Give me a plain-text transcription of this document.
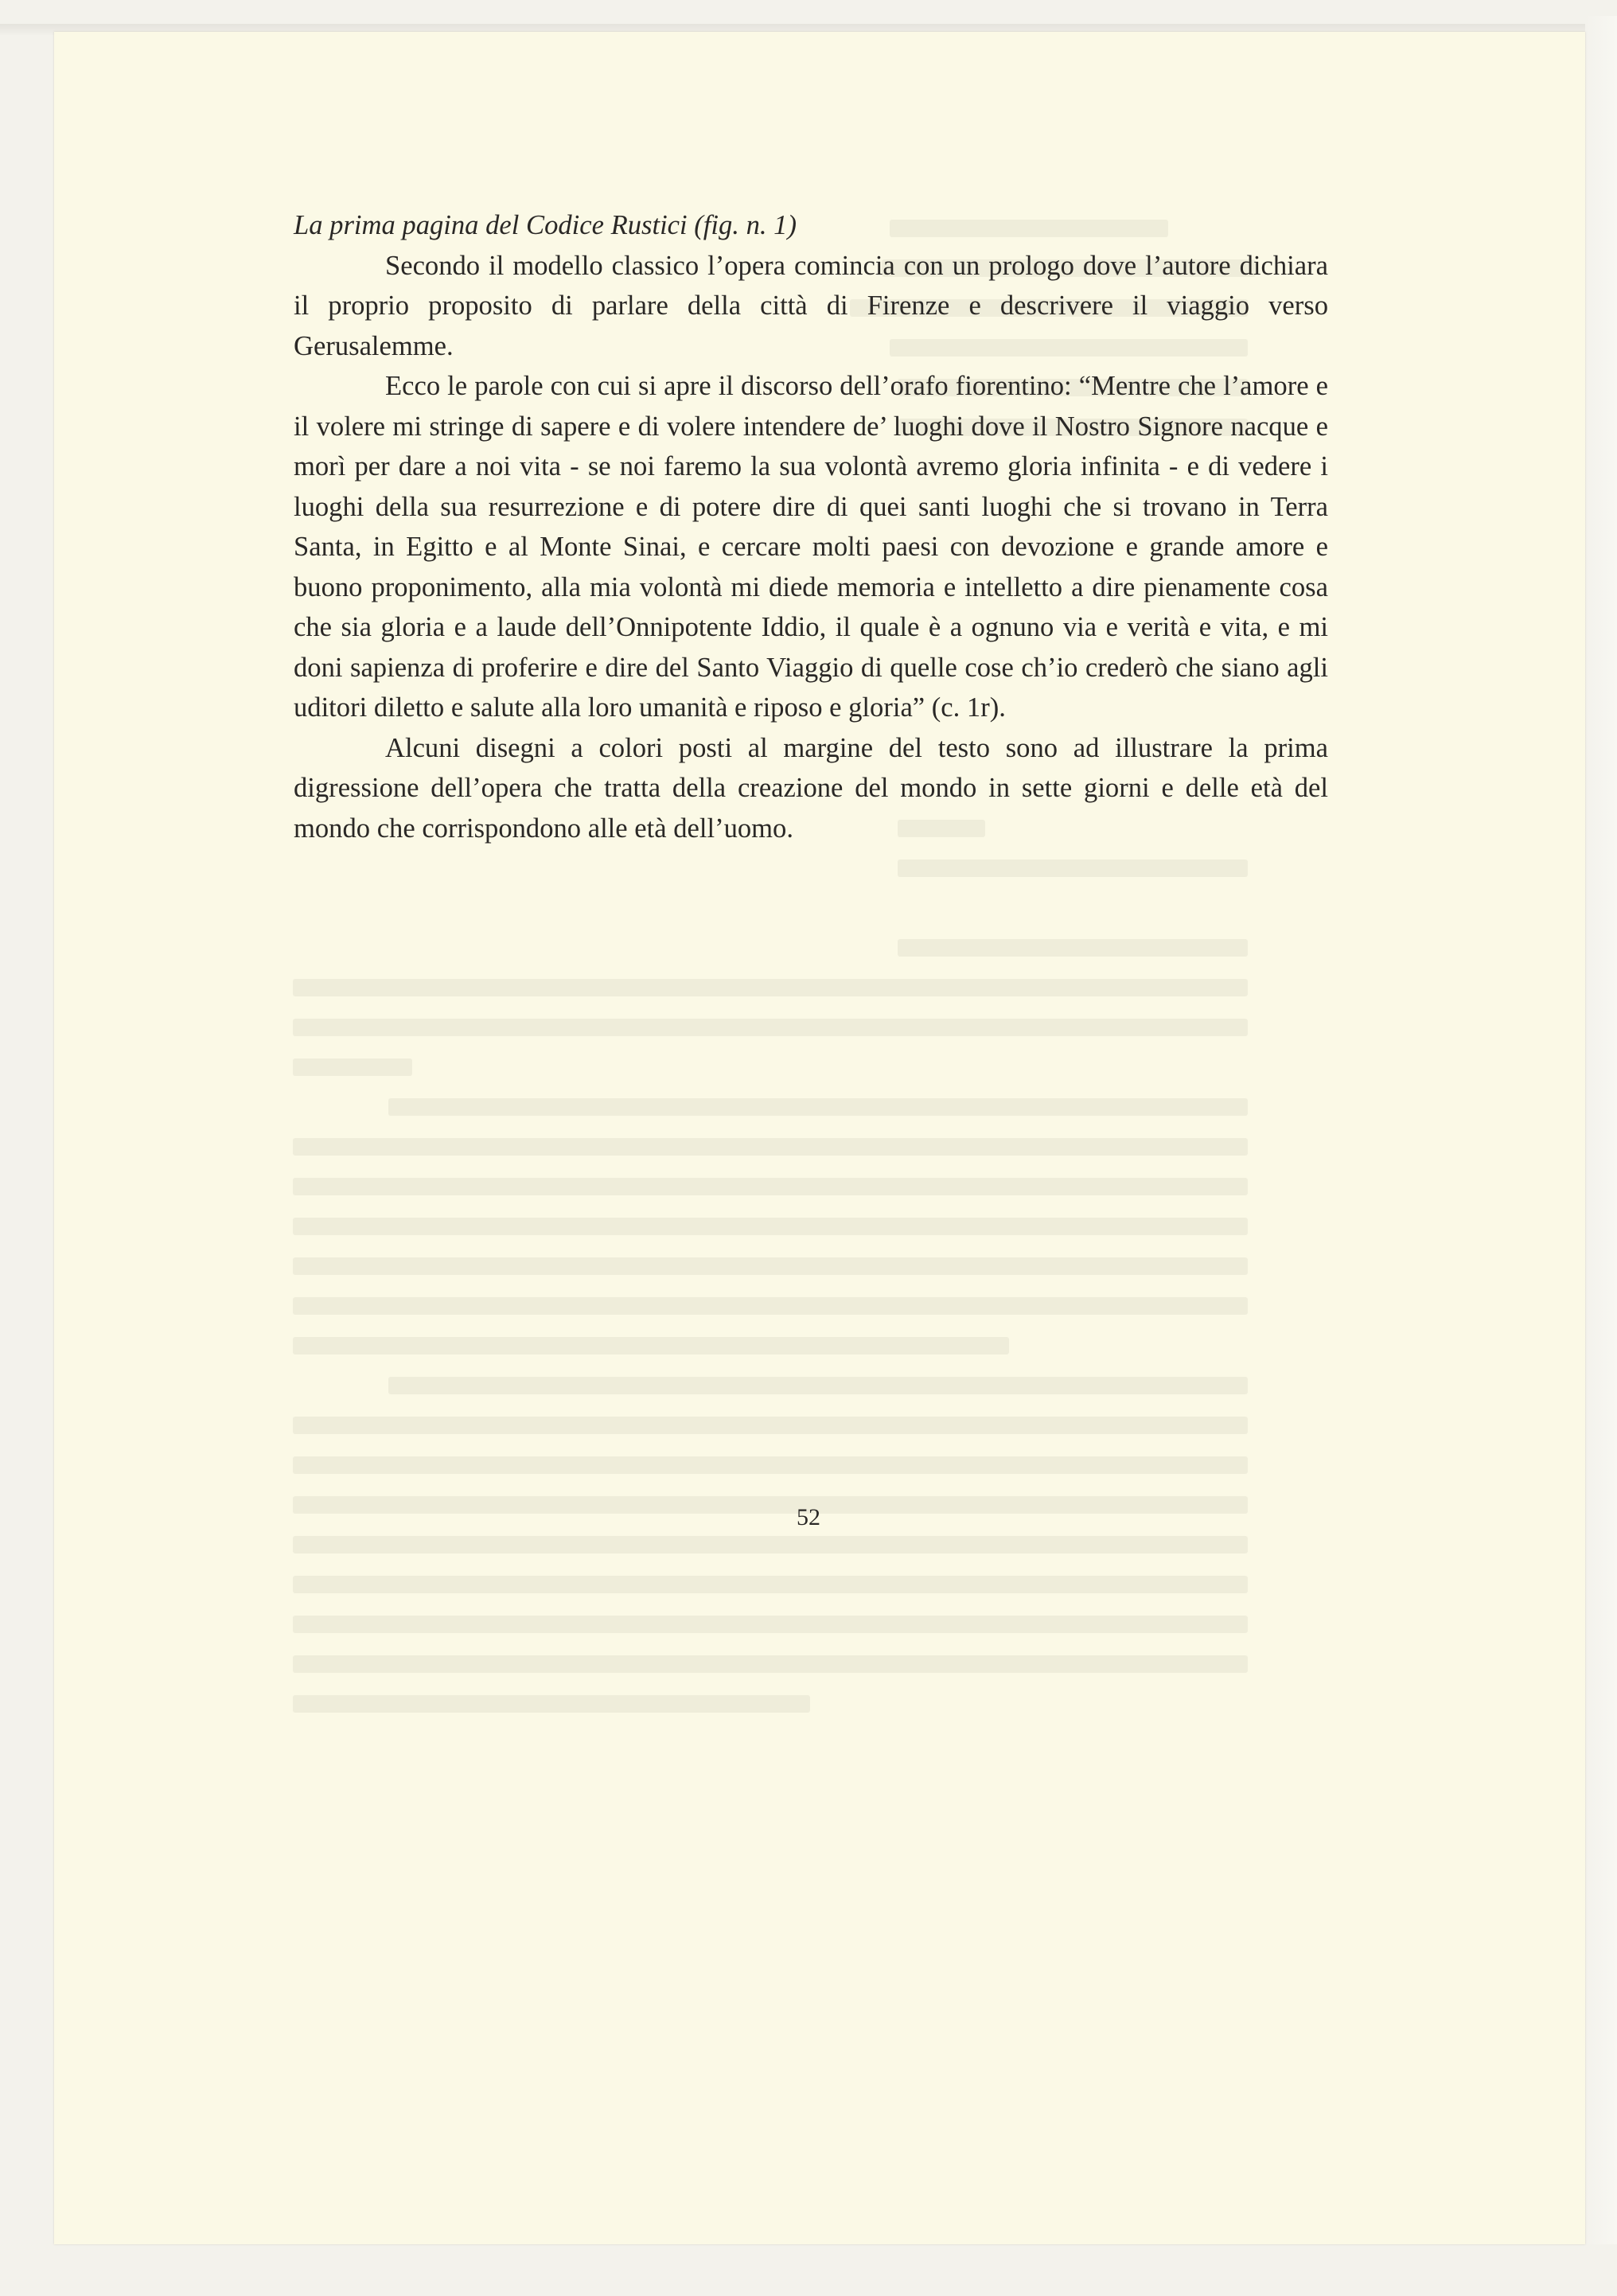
La prima pagina del Codice Rustici (fig. n. 1)

Secondo il modello classico l’opera comincia con un prologo dove l’autore dichiara il proprio proposito di parlare della città di Firenze e descrivere il viaggio verso Gerusalemme.

Ecco le parole con cui si apre il discorso dell’orafo fiorentino: “Mentre che l’amore e il volere mi stringe di sapere e di volere intendere de’ luoghi dove il Nostro Signore nacque e morì per dare a noi vita - se noi faremo la sua volontà avremo gloria infinita - e di vedere i luoghi della sua resurrezione e di potere dire di quei santi luoghi che si trovano in Terra Santa, in Egitto e al Monte Sinai, e cercare molti paesi con devozione e grande amore e buono proponimento, alla mia volontà mi diede memoria e intelletto a dire pienamente cosa che sia gloria e a laude dell’Onnipotente Iddio, il quale è a ognuno via e verità e vita, e mi doni sapienza di proferire e dire del Santo Viaggio di quelle cose ch’io crederò che siano agli uditori diletto e salute alla loro umanità e riposo e gloria” (c. 1r).

Alcuni disegni a colori posti al margine del testo sono ad illustrare la prima digressione dell’opera che tratta della creazione del mondo in sette giorni e delle età del mondo che corrispondono alle età dell’uomo.

52
